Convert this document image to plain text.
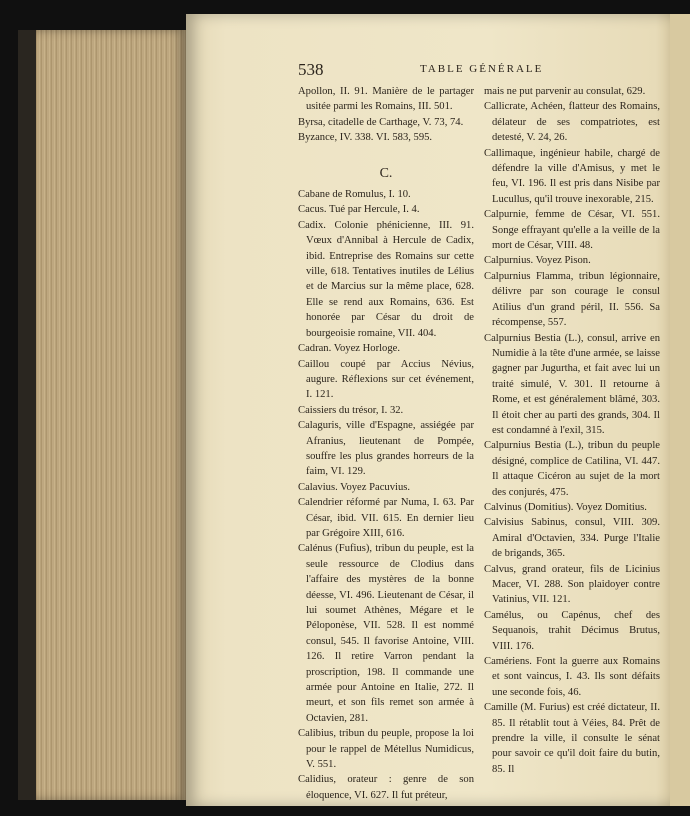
538	TABLE GÉNÉRALE

Apollon, II. 91. Manière de le partager usitée parmi les Romains, III. 501.

Byrsa, citadelle de Carthage, V. 73, 74.

Byzance, IV. 338. VI. 583, 595.

C.

Cabane de Romulus, I. 10.

Cacus. Tué par Hercule, I. 4.

Cadix. Colonie phénicienne, III. 91. Vœux d'Annibal à Hercule de Cadix, ibid. Entreprise des Romains sur cette ville, 618. Tentatives inutiles de Lélius et de Marcius sur la même place, 628. Elle se rend aux Romains, 636. Est honorée par César du droit de bourgeoisie romaine, VII. 404.

Cadran. Voyez Horloge.

Caillou coupé par Accius Névius, augure. Réflexions sur cet événement, I. 121.

Caissiers du trésor, I. 32.

Calaguris, ville d'Espagne, assiégée par Afranius, lieutenant de Pompée, souffre les plus grandes horreurs de la faim, VI. 129.

Calavius. Voyez Pacuvius.

Calendrier réformé par Numa, I. 63. Par César, ibid. VII. 615. En dernier lieu par Grégoire XIII, 616.

Calénus (Fufius), tribun du peuple, est la seule ressource de Clodius dans l'affaire des mystères de la bonne déesse, VI. 496. Lieutenant de César, il lui soumet Athènes, Mégare et le Péloponèse, VII. 528. Il est nommé consul, 545. Il favorise Antoine, VIII. 126. Il retire Varron pendant la proscription, 198. Il commande une armée pour Antoine en Italie, 272. Il meurt, et son fils remet son armée à Octavien, 281.

Calibius, tribun du peuple, propose la loi pour le rappel de Métellus Numidicus, V. 551.

Calidius, orateur : genre de son éloquence, VI. 627. Il fut préteur,

mais ne put parvenir au consulat, 629.

Callicrate, Achéen, flatteur des Romains, délateur de ses compatriotes, est detesté, V. 24, 26.

Callimaque, ingénieur habile, chargé de défendre la ville d'Amisus, y met le feu, VI. 196. Il est pris dans Nisibe par Lucullus, qu'il trouve inexorable, 215.

Calpurnie, femme de César, VI. 551. Songe effrayant qu'elle a la veille de la mort de César, VIII. 48.

Calpurnius. Voyez Pison.

Calpurnius Flamma, tribun légionnaire, délivre par son courage le consul Atilius d'un grand péril, II. 556. Sa récompense, 557.

Calpurnius Bestia (L.), consul, arrive en Numidie à la tête d'une armée, se laisse gagner par Jugurtha, et fait avec lui un traité simulé, V. 301. Il retourne à Rome, et est généralement blâmé, 303. Il étoit cher au parti des grands, 304. Il est condamné à l'exil, 315.

Calpurnius Bestia (L.), tribun du peuple désigné, complice de Catilina, VI. 447. Il attaque Cicéron au sujet de la mort des conjurés, 475.

Calvinus (Domitius). Voyez Domitius.

Calvisius Sabinus, consul, VIII. 309. Amiral d'Octavien, 334. Purge l'Italie de brigands, 365.

Calvus, grand orateur, fils de Licinius Macer, VI. 288. Son plaidoyer contre Vatinius, VII. 121.

Camélus, ou Capénus, chef des Sequanois, trahit Décimus Brutus, VIII. 176.

Camériens. Font la guerre aux Romains et sont vaincus, I. 43. Ils sont défaits une seconde fois, 46.

Camille (M. Furius) est créé dictateur, II. 85. Il rétablit tout à Véies, 84. Prêt de prendre la ville, il consulte le sénat pour savoir ce qu'il doit faire du butin, 85. Il
